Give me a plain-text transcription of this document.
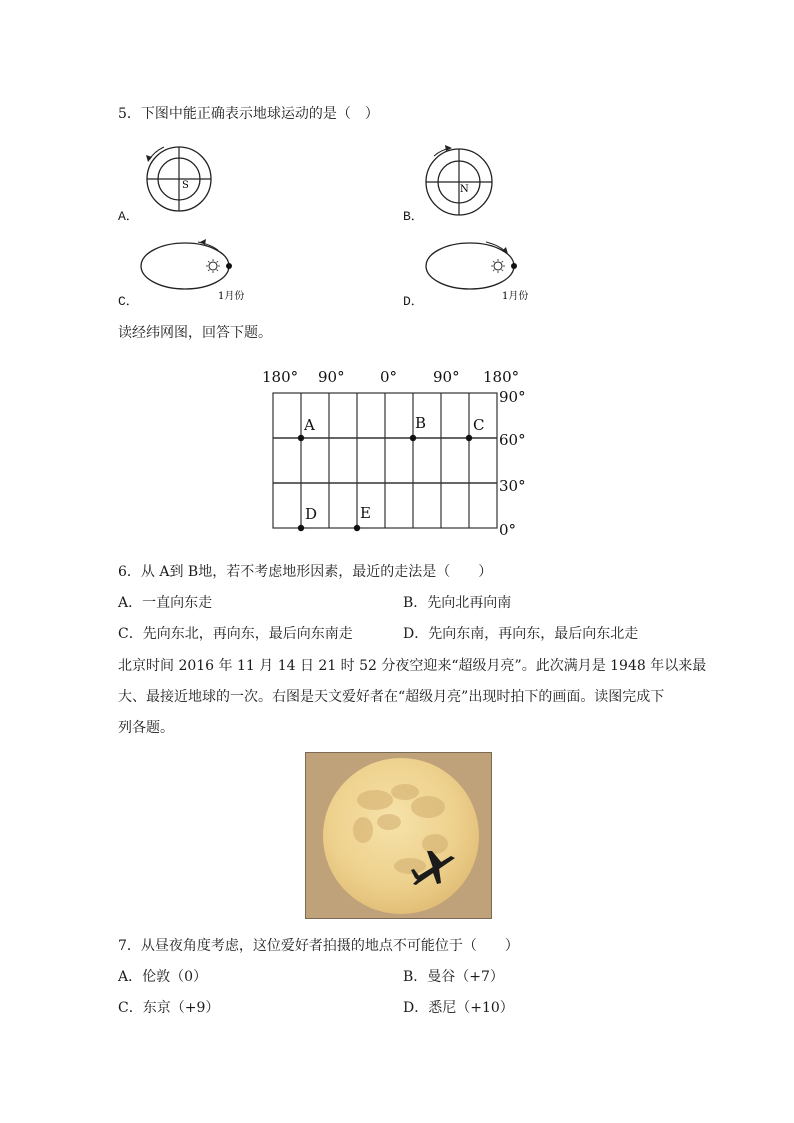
5．下图中能正确表示地球运动的是（　）
A．
S
B．
N
C．	1月份	D．	1月份
读经纬网图，回答下题。
180° 90° 0° 90° 180°
90°
60°
30°
0°
A	B	C
D	E
6．从 A到 B地，若不考虑地形因素，最近的走法是（　　）
A．一直向东走	B．先向北再向南
C．先向东北，再向东，最后向东南走	D．先向东南，再向东，最后向东北走
北京时间 2016 年 11 月 14 日 21 时 52 分夜空迎来“超级月亮”。此次满月是 1948 年以来最
大、最接近地球的一次。右图是天文爱好者在“超级月亮”出现时拍下的画面。读图完成下
列各题。
7．从昼夜角度考虑，这位爱好者拍摄的地点不可能位于（　　）
A．伦敦（0）	B．曼谷（+7）
C．东京（+9）	D．悉尼（+10）
